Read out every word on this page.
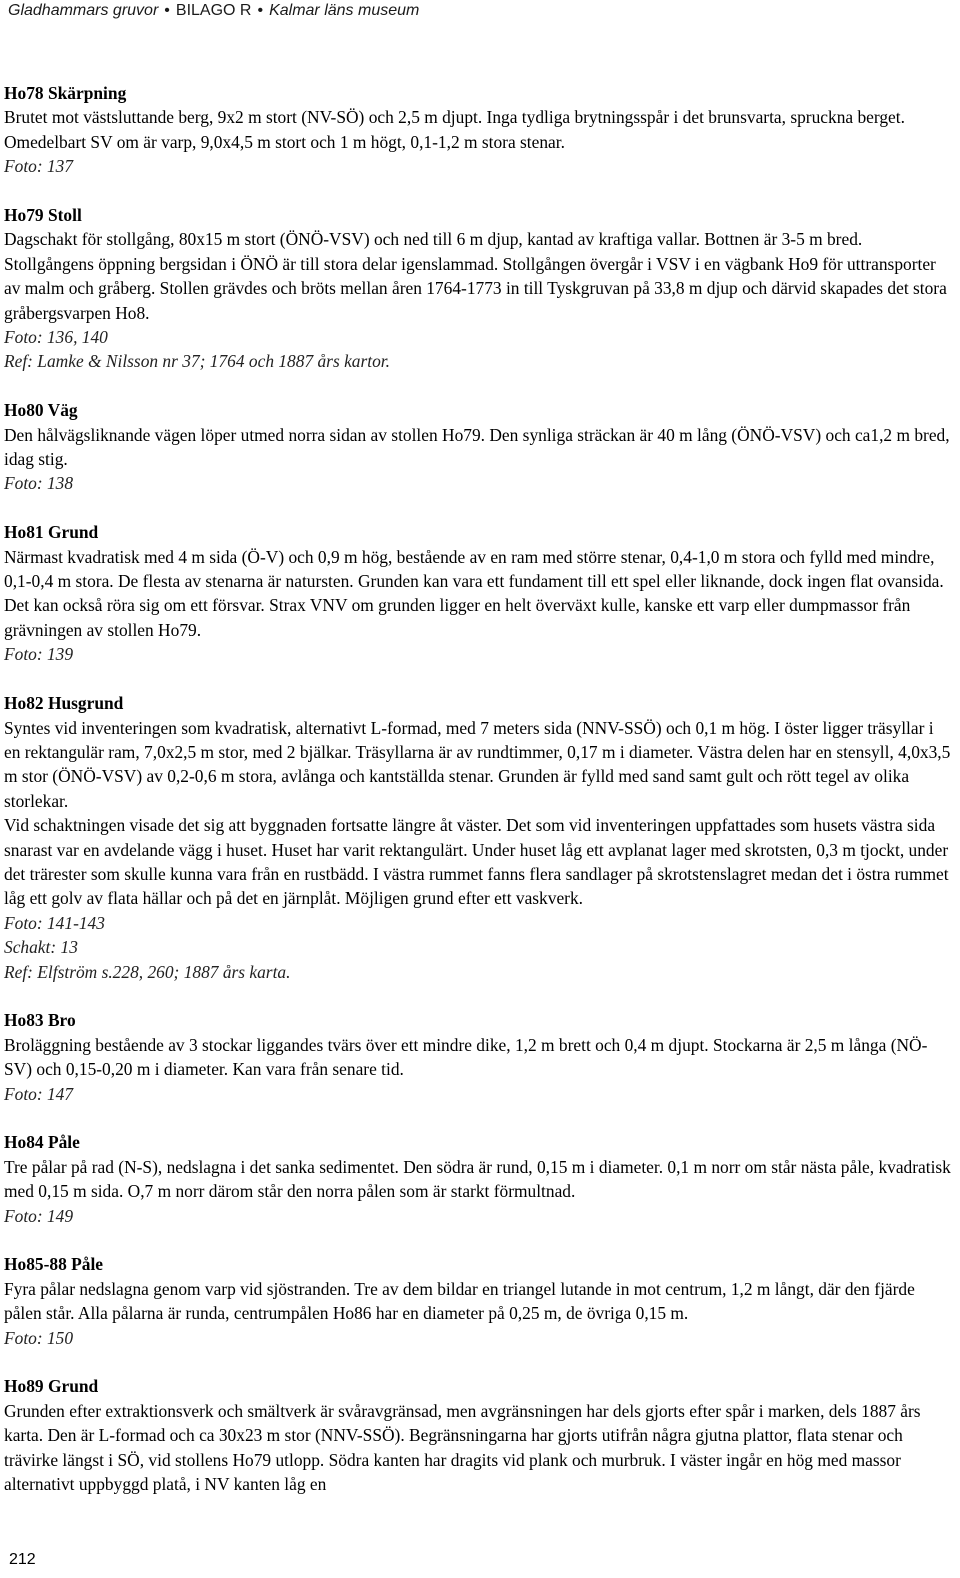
Gladhammars gruvor • BILAGO R • Kalmar läns museum
Ho78 Skärpning

Brutet mot västsluttande berg, 9x2 m stort (NV-SÖ) och 2,5 m djupt. Inga tydliga brytningsspår i det brunsvarta, spruckna berget. Omedelbart SV om är varp, 9,0x4,5 m stort och 1 m högt, 0,1-1,2 m stora stenar.

Foto: 137

Ho79 Stoll

Dagschakt för stollgång, 80x15 m stort (ÖNÖ-VSV) och ned till 6 m djup, kantad av kraftiga vallar. Bottnen är 3-5 m bred. Stollgångens öppning bergsidan i ÖNÖ är till stora delar igenslammad. Stollgången övergår i VSV i en vägbank Ho9 för uttransporter av malm och gråberg. Stollen grävdes och bröts mellan åren 1764-1773 in till Tyskgruvan på 33,8 m djup och därvid skapades det stora gråbergsvarpen Ho8.

Foto: 136, 140

Ref: Lamke & Nilsson nr 37; 1764 och 1887 års kartor.

Ho80 Väg

Den hålvägsliknande vägen löper utmed norra sidan av stollen Ho79. Den synliga sträckan är 40 m lång (ÖNÖ-VSV) och ca1,2 m bred, idag stig.

Foto: 138

Ho81 Grund

Närmast kvadratisk med 4 m sida (Ö-V) och 0,9 m hög, bestående av en ram med större stenar, 0,4-1,0 m stora och fylld med mindre, 0,1-0,4 m stora. De flesta av stenarna är natursten. Grunden kan vara ett fundament till ett spel eller liknande, dock ingen flat ovansida. Det kan också röra sig om ett försvar. Strax VNV om grunden ligger en helt överväxt kulle, kanske ett varp eller dumpmassor från grävningen av stollen Ho79.

Foto: 139

Ho82 Husgrund

Syntes vid inventeringen som kvadratisk, alternativt L-formad, med 7 meters sida (NNV-SSÖ) och 0,1 m hög. I öster ligger träsyllar i en rektangulär ram, 7,0x2,5 m stor, med 2 bjälkar. Träsyllarna är av rundtimmer, 0,17 m i diameter. Västra delen har en stensyll, 4,0x3,5 m stor (ÖNÖ-VSV) av 0,2-0,6 m stora, avlånga och kantställda stenar. Grunden är fylld med sand samt gult och rött tegel av olika storlekar.

Vid schaktningen visade det sig att byggnaden fortsatte längre åt väster. Det som vid inventeringen uppfattades som husets västra sida snarast var en avdelande vägg i huset. Huset har varit rektangulärt. Under huset låg ett avplanat lager med skrotsten, 0,3 m tjockt, under det trärester som skulle kunna vara från en rustbädd. I västra rummet fanns flera sandlager på skrotstenslagret medan det i östra rummet låg ett golv av flata hällar och på det en järnplåt. Möjligen grund efter ett vaskverk.

Foto: 141-143

Schakt: 13

Ref: Elfström s.228, 260; 1887 års karta.

Ho83 Bro

Broläggning bestående av 3 stockar liggandes tvärs över ett mindre dike, 1,2 m brett och 0,4 m djupt. Stockarna är 2,5 m långa (NÖ-SV) och 0,15-0,20 m i diameter. Kan vara från senare tid.

Foto: 147

Ho84 Påle

Tre pålar på rad (N-S), nedslagna i det sanka sedimentet. Den södra är rund, 0,15 m i diameter. 0,1 m norr om står nästa påle, kvadratisk med 0,15 m sida. O,7 m norr därom står den norra pålen som är starkt förmultnad.

Foto: 149

Ho85-88 Påle

Fyra pålar nedslagna genom varp vid sjöstranden. Tre av dem bildar en triangel lutande in mot centrum, 1,2 m långt, där den fjärde pålen står. Alla pålarna är runda, centrumpålen Ho86 har en diameter på 0,25 m, de övriga 0,15 m.

Foto: 150

Ho89 Grund

Grunden efter extraktionsverk och smältverk är svåravgränsad, men avgränsningen har dels gjorts efter spår i marken, dels 1887 års karta. Den är L-formad och ca 30x23 m stor (NNV-SSÖ). Begränsningarna har gjorts utifrån några gjutna plattor, flata stenar och trävirke längst i SÖ, vid stollens Ho79 utlopp. Södra kanten har dragits vid plank och murbruk. I väster ingår en hög med massor alternativt uppbyggd platå, i NV kanten låg en

212
